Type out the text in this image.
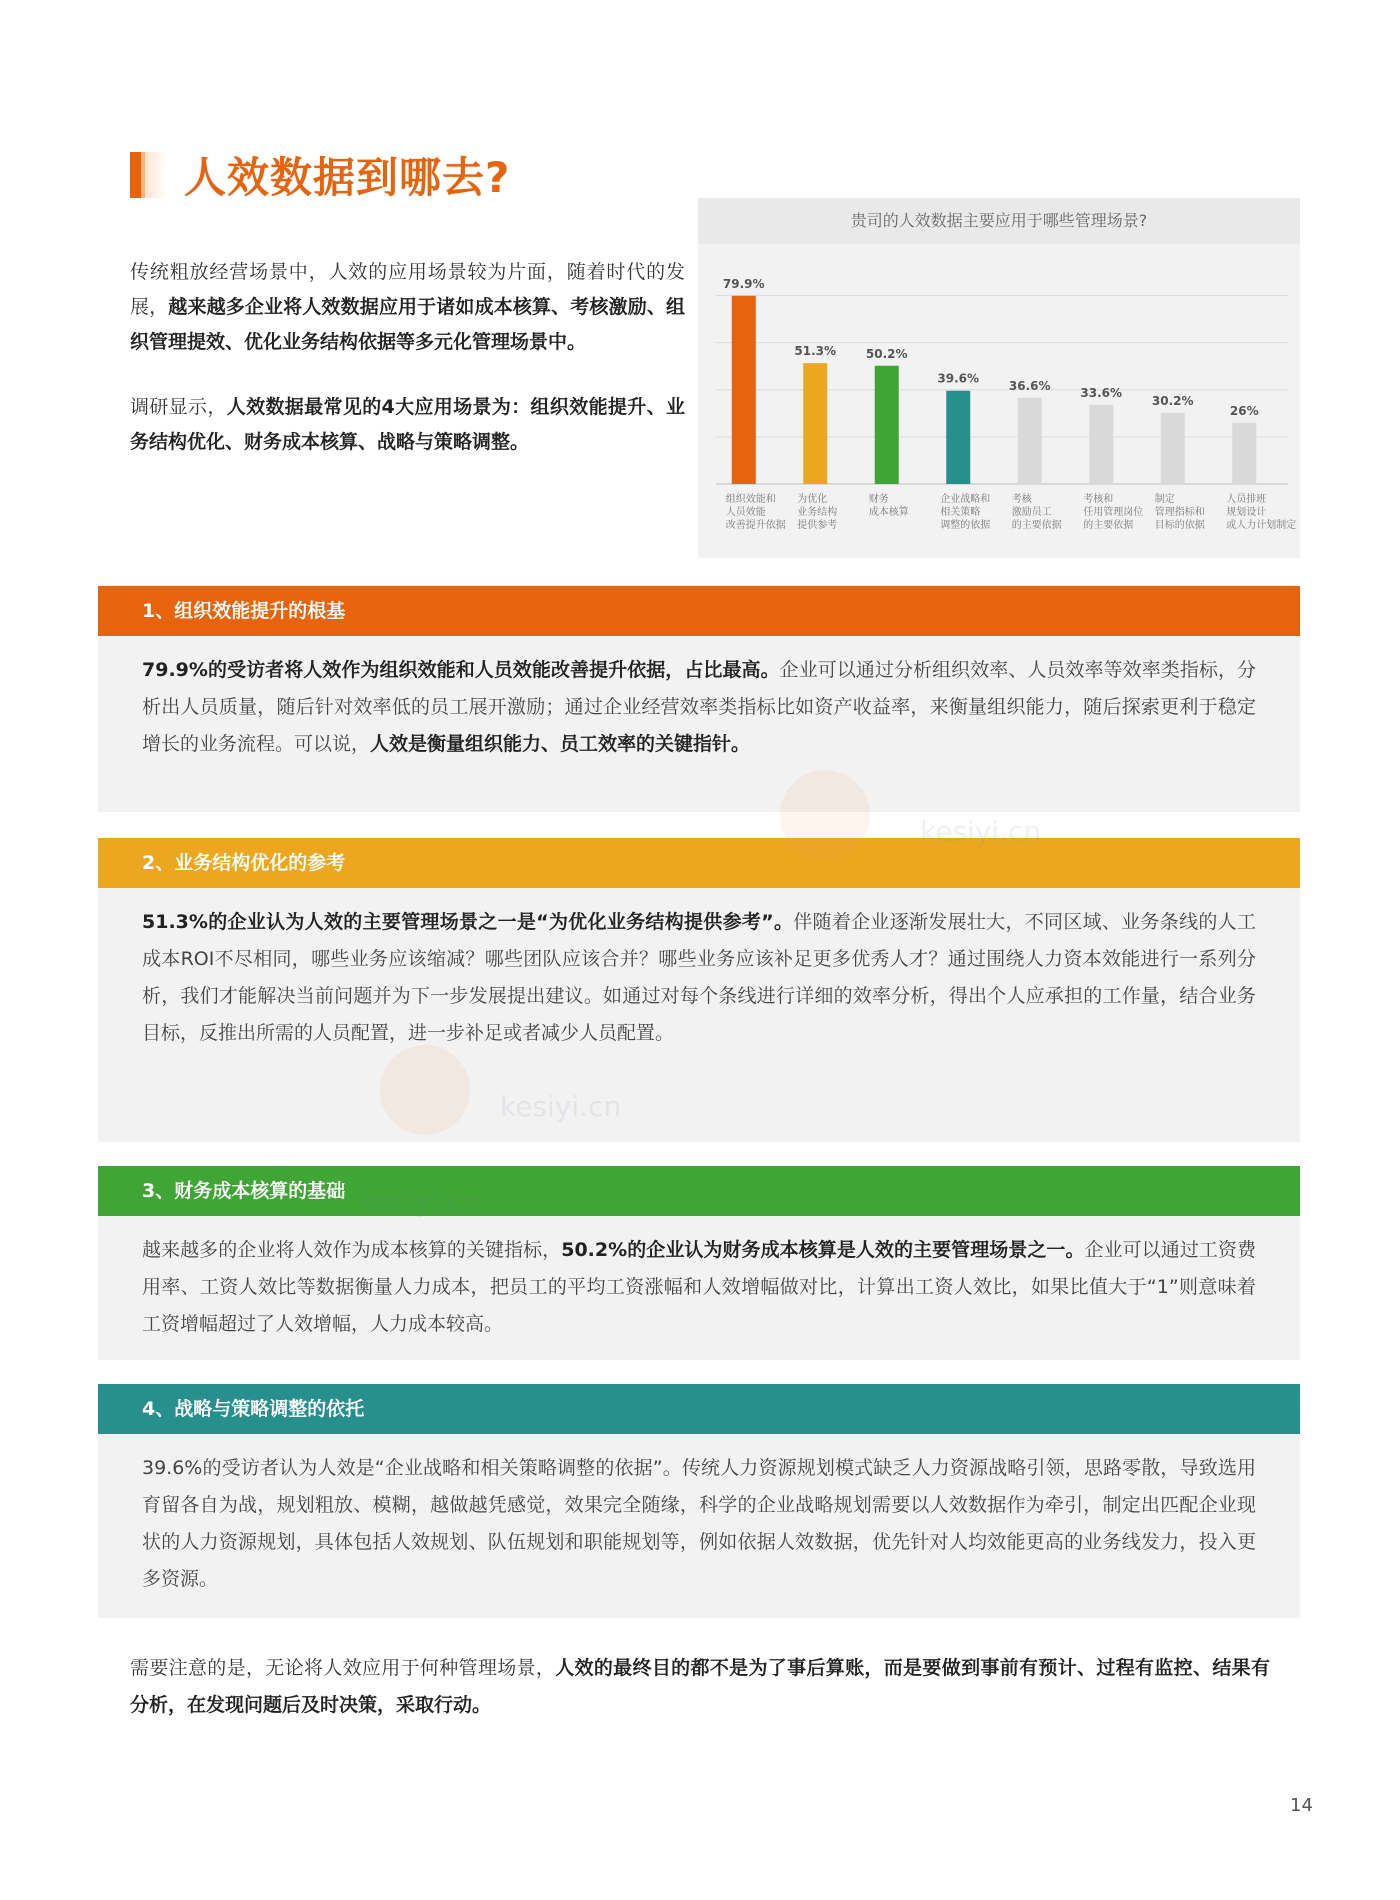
人效数据到哪去?

传统粗放经营场景中，人效的应用场景较为片面，随着时代的发展，越来越多企业将人效数据应用于诸如成本核算、考核激励、组织管理提效、优化业务结构依据等多元化管理场景中。

调研显示，人效数据最常见的4大应用场景为：组织效能提升、业务结构优化、财务成本核算、战略与策略调整。

贵司的人效数据主要应用于哪些管理场景?
79.9%
组织效能和人员效能改善提升依据
51.3%
为优化业务结构提供参考
50.2%
财务成本核算
39.6%
企业战略和相关策略调整的依据
36.6%
考核激励员工的主要依据
33.6%
考核和任用管理岗位的主要依据
30.2%
制定管理指标和目标的依据
26%
人员排班规划设计或人力计划制定
1、组织效能提升的根基
79.9%的受访者将人效作为组织效能和人员效能改善提升依据，占比最高。企业可以通过分析组织效率、人员效率等效率类指标，分析出人员质量，随后针对效率低的员工展开激励；通过企业经营效率类指标比如资产收益率，来衡量组织能力，随后探索更利于稳定增长的业务流程。可以说，人效是衡量组织能力、员工效率的关键指针。
2、业务结构优化的参考
51.3%的企业认为人效的主要管理场景之一是“为优化业务结构提供参考”。伴随着企业逐渐发展壮大，不同区域、业务条线的人工成本ROI不尽相同，哪些业务应该缩减？哪些团队应该合并？哪些业务应该补足更多优秀人才？通过围绕人力资本效能进行一系列分析，我们才能解决当前问题并为下一步发展提出建议。如通过对每个条线进行详细的效率分析，得出个人应承担的工作量，结合业务目标，反推出所需的人员配置，进一步补足或者减少人员配置。
3、财务成本核算的基础
越来越多的企业将人效作为成本核算的关键指标，50.2%的企业认为财务成本核算是人效的主要管理场景之一。企业可以通过工资费用率、工资人效比等数据衡量人力成本，把员工的平均工资涨幅和人效增幅做对比，计算出工资人效比，如果比值大于“1”则意味着工资增幅超过了人效增幅，人力成本较高。
4、战略与策略调整的依托
39.6%的受访者认为人效是“企业战略和相关策略调整的依据”。传统人力资源规划模式缺乏人力资源战略引领，思路零散，导致选用育留各自为战，规划粗放、模糊，越做越凭感觉，效果完全随缘，科学的企业战略规划需要以人效数据作为牵引，制定出匹配企业现状的人力资源规划，具体包括人效规划、队伍规划和职能规划等，例如依据人效数据，优先针对人均效能更高的业务线发力，投入更多资源。
需要注意的是，无论将人效应用于何种管理场景，人效的最终目的都不是为了事后算账，而是要做到事前有预计、过程有监控、结果有分析，在发现问题后及时决策，采取行动。
kesiyi.cn
kesiyi.cn
kesiyi.cn
14
